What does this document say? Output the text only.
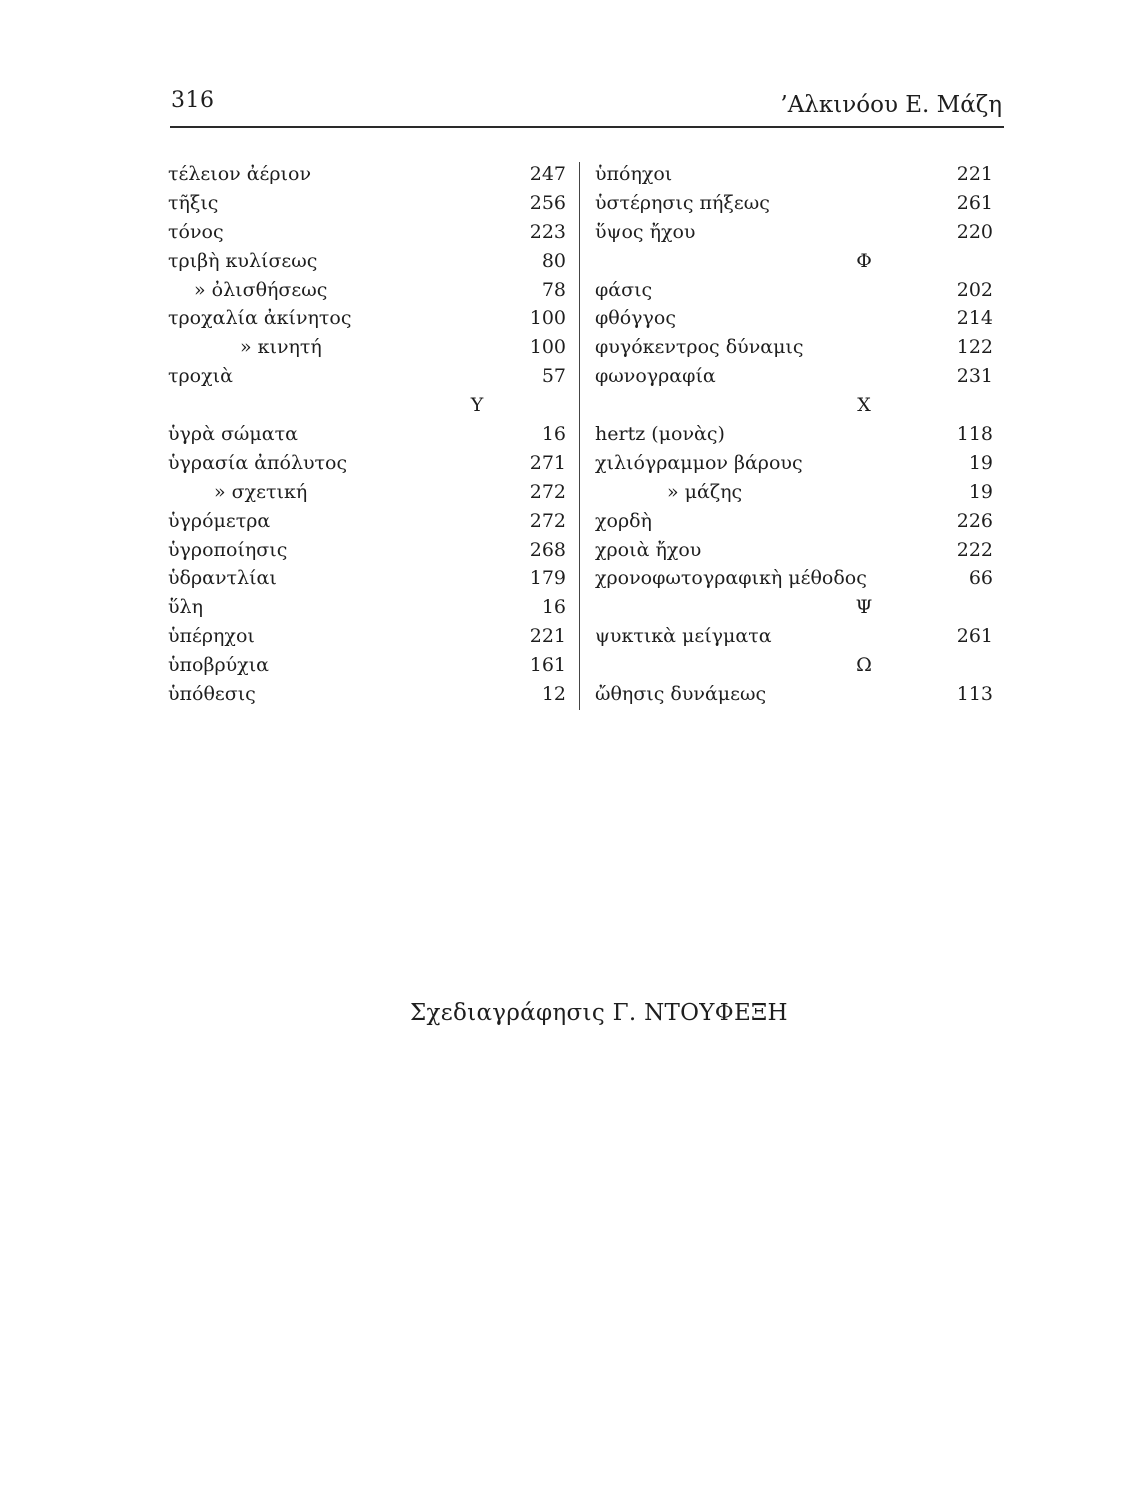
316	’Αλκινόου Ε. Μάζη
τέλειον ἀέριον	247
τῆξις	256
τόνος	223
τριβὴ κυλίσεως	80
» ὀλισθήσεως	78
τροχαλία ἀκίνητος	100
» κινητή	100
τροχιὰ	57
Υ
ὑγρὰ σώματα	16
ὑγρασία ἀπόλυτος	271
» σχετική	272
ὑγρόμετρα	272
ὑγροποίησις	268
ὑδραντλίαι	179
ὕλη	16
ὑπέρηχοι	221
ὑποβρύχια	161
ὑπόθεσις	12
ὑπόηχοι	221
ὑστέρησις πήξεως	261
ὕψος ἤχου	220
Φ
φάσις	202
φθόγγος	214
φυγόκεντρος δύναμις	122
φωνογραφία	231
Χ
hertz (μονὰς)	118
χιλιόγραμμον βάρους	19
» μάζης	19
χορδὴ	226
χροιὰ ἤχου	222
χρονοφωτογραφικὴ μέθοδος	66
Ψ
ψυκτικὰ μείγματα	261
Ω
ὤθησις δυνάμεως	113
Σχεδιαγράφησις Γ. ΝΤΟΥΦΕΞΗ
